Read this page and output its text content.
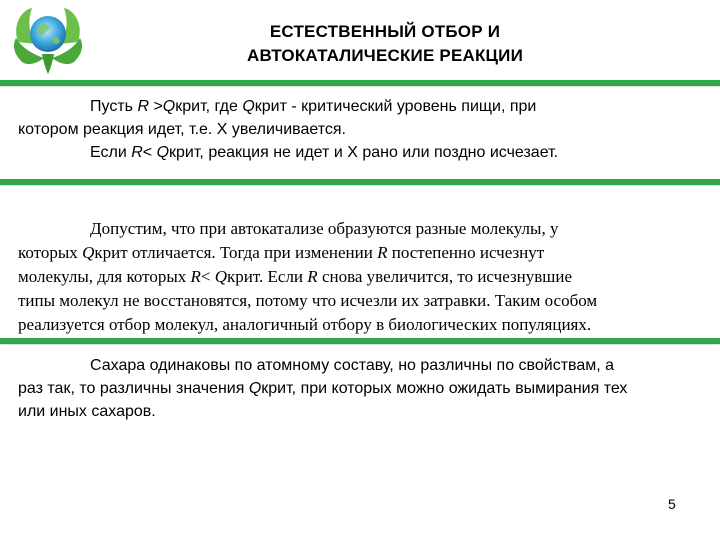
ЕСТЕСТВЕННЫЙ ОТБОР И
АВТОКАТАЛИЧЕСКИЕ РЕАКЦИИ
Пусть R >Qкрит, где Qкрит - критический уровень пищи, при
котором реакция идет, т.е. Х увеличивается.
Если R< Qкрит, реакция не идет и Х рано или поздно исчезает.
Допустим, что при автокатализе образуются разные молекулы, у
которых Qкрит отличается. Тогда при изменении R постепенно исчезнут
молекулы, для которых R< Qкрит. Если R снова увеличится, то исчезнувшие
типы молекул не восстановятся, потому что исчезли их затравки. Таким особом
реализуется отбор молекул, аналогичный отбору в биологических популяциях.
Сахара одинаковы по атомному составу, но различны по свойствам, а
раз так, то различны значения Qкрит, при которых можно ожидать вымирания тех
или иных сахаров.
5
